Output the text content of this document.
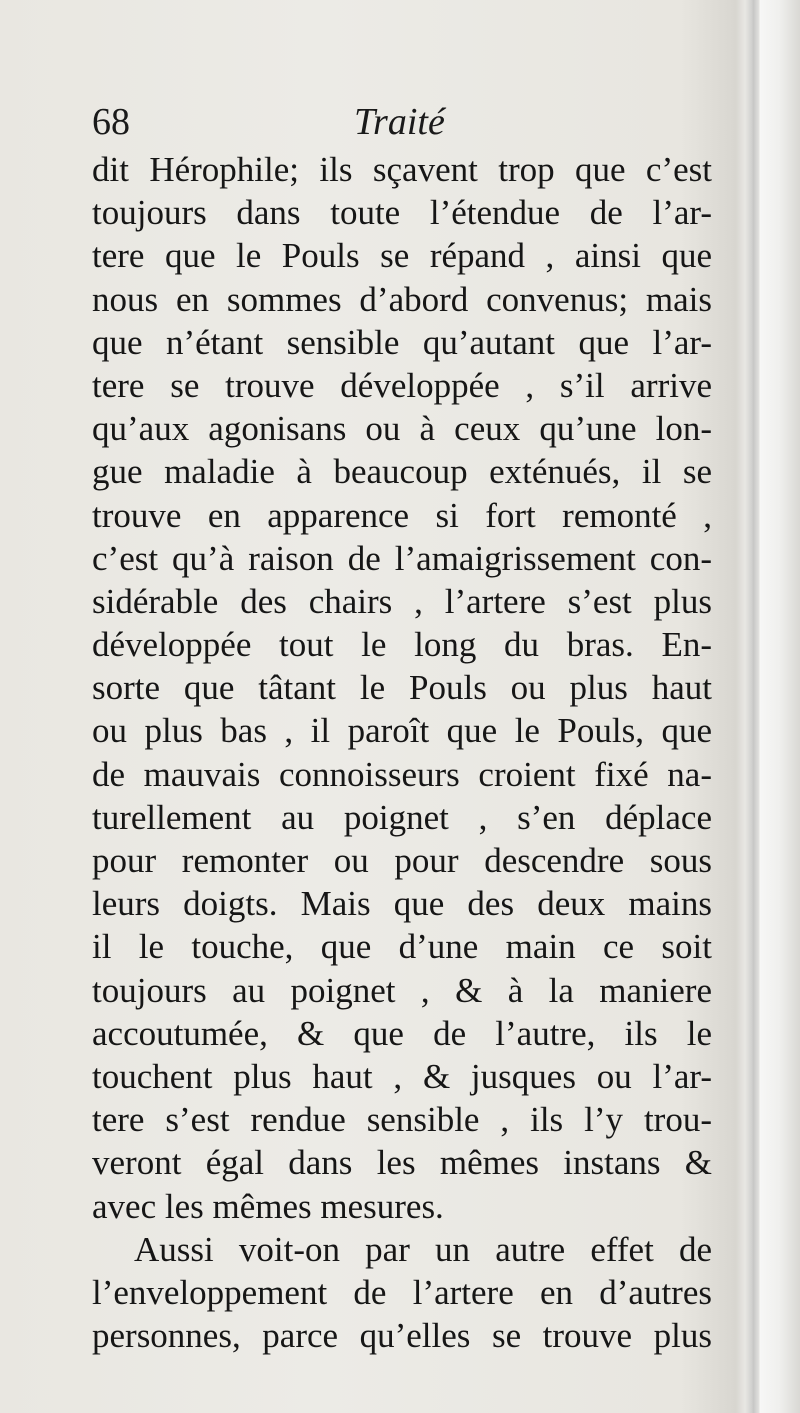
68	Traité
dit Hérophile; ils sçavent trop que c’est
toujours dans toute l’étendue de l’ar-
tere que le Pouls se répand , ainsi que
nous en sommes d’abord convenus; mais
que n’étant sensible qu’autant que l’ar-
tere se trouve développée , s’il arrive
qu’aux agonisans ou à ceux qu’une lon-
gue maladie à beaucoup exténués, il se
trouve en apparence si fort remonté ,
c’est qu’à raison de l’amaigrissement con-
sidérable des chairs , l’artere s’est plus
développée tout le long du bras. En-
sorte que tâtant le Pouls ou plus haut
ou plus bas , il paroît que le Pouls, que
de mauvais connoisseurs croient fixé na-
turellement au poignet , s’en déplace
pour remonter ou pour descendre sous
leurs doigts. Mais que des deux mains
il le touche, que d’une main ce soit
toujours au poignet , & à la maniere
accoutumée, & que de l’autre, ils le
touchent plus haut , & jusques ou l’ar-
tere s’est rendue sensible , ils l’y trou-
veront égal dans les mêmes instans &
avec les mêmes mesures.
Aussi voit-on par un autre effet de
l’enveloppement de l’artere en d’autres
personnes, parce qu’elles se trouve plus
